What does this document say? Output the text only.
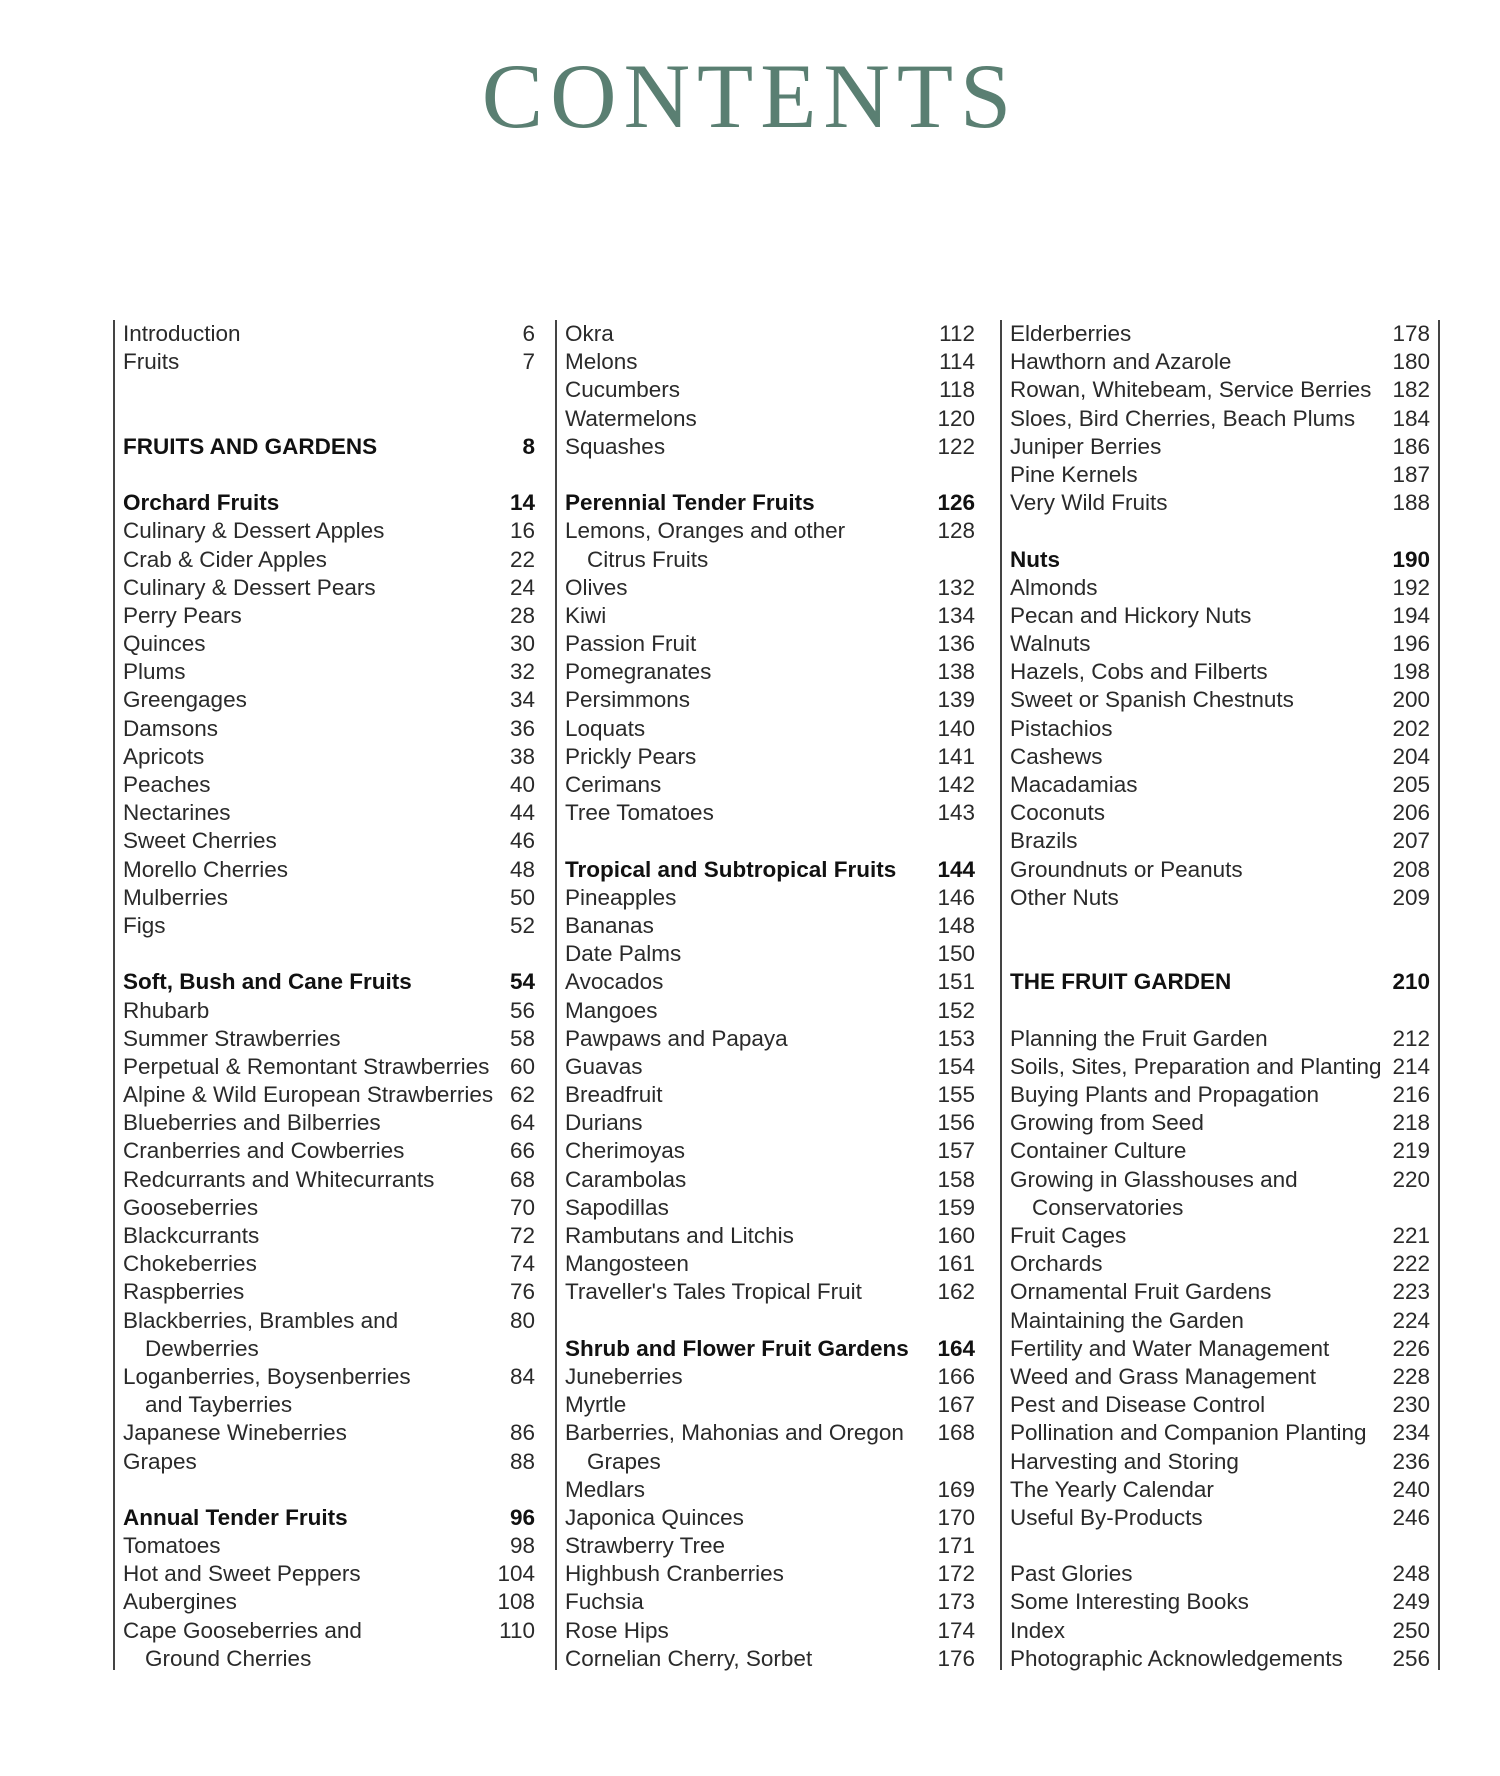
CONTENTS
Introduction	6
Fruits	7
FRUITS AND GARDENS	8
Orchard Fruits	14
Culinary & Dessert Apples	16
Crab & Cider Apples	22
Culinary & Dessert Pears	24
Perry Pears	28
Quinces	30
Plums	32
Greengages	34
Damsons	36
Apricots	38
Peaches	40
Nectarines	44
Sweet Cherries	46
Morello Cherries	48
Mulberries	50
Figs	52
Soft, Bush and Cane Fruits	54
Rhubarb	56
Summer Strawberries	58
Perpetual & Remontant Strawberries 60
Alpine & Wild European Strawberries 62
Blueberries and Bilberries	64
Cranberries and Cowberries	66
Redcurrants and Whitecurrants	68
Gooseberries	70
Blackcurrants	72
Chokeberries	74
Raspberries	76
Blackberries, Brambles and	80
Dewberries
Loganberries, Boysenberries	84
and Tayberries
Japanese Wineberries	86
Grapes	88
Annual Tender Fruits	96
Tomatoes	98
Hot and Sweet Peppers	104
Aubergines	108
Cape Gooseberries and	110
Ground Cherries
Okra	112
Melons	114
Cucumbers	118
Watermelons	120
Squashes	122
Perennial Tender Fruits	126
Lemons, Oranges and other	128
Citrus Fruits
Olives	132
Kiwi	134
Passion Fruit	136
Pomegranates	138
Persimmons	139
Loquats	140
Prickly Pears	141
Cerimans	142
Tree Tomatoes	143
Tropical and Subtropical Fruits	144
Pineapples	146
Bananas	148
Date Palms	150
Avocados	151
Mangoes	152
Pawpaws and Papaya	153
Guavas	154
Breadfruit	155
Durians	156
Cherimoyas	157
Carambolas	158
Sapodillas	159
Rambutans and Litchis	160
Mangosteen	161
Traveller's Tales Tropical Fruit	162
Shrub and Flower Fruit Gardens	164
Juneberries	166
Myrtle	167
Barberries, Mahonias and Oregon	168
Grapes
Medlars	169
Japonica Quinces	170
Strawberry Tree	171
Highbush Cranberries	172
Fuchsia	173
Rose Hips	174
Cornelian Cherry, Sorbet	176
Elderberries	178
Hawthorn and Azarole	180
Rowan, Whitebeam, Service Berries 182
Sloes, Bird Cherries, Beach Plums	184
Juniper Berries	186
Pine Kernels	187
Very Wild Fruits	188
Nuts	190
Almonds	192
Pecan and Hickory Nuts	194
Walnuts	196
Hazels, Cobs and Filberts	198
Sweet or Spanish Chestnuts	200
Pistachios	202
Cashews	204
Macadamias	205
Coconuts	206
Brazils	207
Groundnuts or Peanuts	208
Other Nuts	209
THE FRUIT GARDEN	210
Planning the Fruit Garden	212
Soils, Sites, Preparation and Planting 214
Buying Plants and Propagation	216
Growing from Seed	218
Container Culture	219
Growing in Glasshouses and	220
Conservatories
Fruit Cages	221
Orchards	222
Ornamental Fruit Gardens	223
Maintaining the Garden	224
Fertility and Water Management	226
Weed and Grass Management	228
Pest and Disease Control	230
Pollination and Companion Planting	234
Harvesting and Storing	236
The Yearly Calendar	240
Useful By-Products	246
Past Glories	248
Some Interesting Books	249
Index	250
Photographic Acknowledgements	256
